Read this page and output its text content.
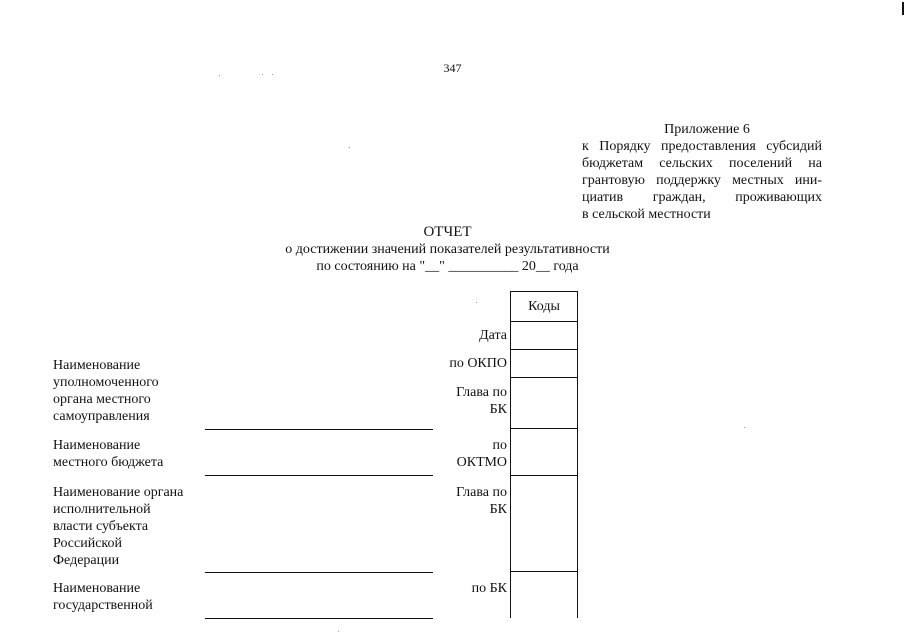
347
Приложение 6
к Порядку предоставления субсидий
бюджетам сельских поселений на
грантовую поддержку местных ини-
циатив граждан, проживающих
в сельской местности
ОТЧЕТ
о достижении значений показателей результативности
по состоянию на "__" __________ 20__ года
Коды
Дата
по ОКПО
Глава по
БК
по
ОКТМО
Глава по
БК
по БК
Наименование
уполномоченного
органа местного
самоуправления
Наименование
местного бюджета
Наименование органа
исполнительной
власти субъекта
Российской
Федерации
Наименование
государственной
